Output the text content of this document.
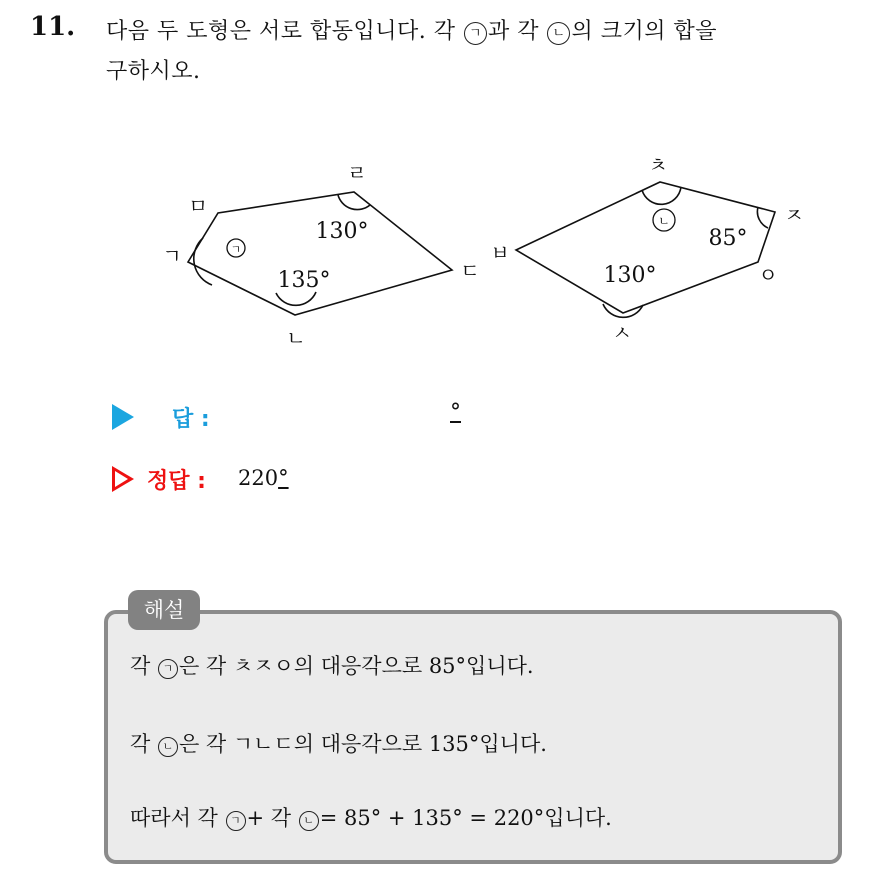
11. 다음 두 도형은 서로 합동입니다. 각 ㄱ 과 각 ㄴ 의 크기의 합을
구하시오.
ㄱ
ㄴ
ㄷ
ㄹ
ㅁ
ㅂ
ㅅ
ㅇ
ㅈ
ㅊ
130°
135°	130°
85°
ㄱ
ㄴ
답 :	°
정답 : 220°
해설
각 ㄱ 은 각 ㅊㅈㅇ의 대응각으로 85°입니다.
각 ㄴ 은 각 ㄱㄴㄷ의 대응각으로 135°입니다.
따라서 각 ㄱ + 각 ㄴ = 85° + 135° = 220°입니다.
